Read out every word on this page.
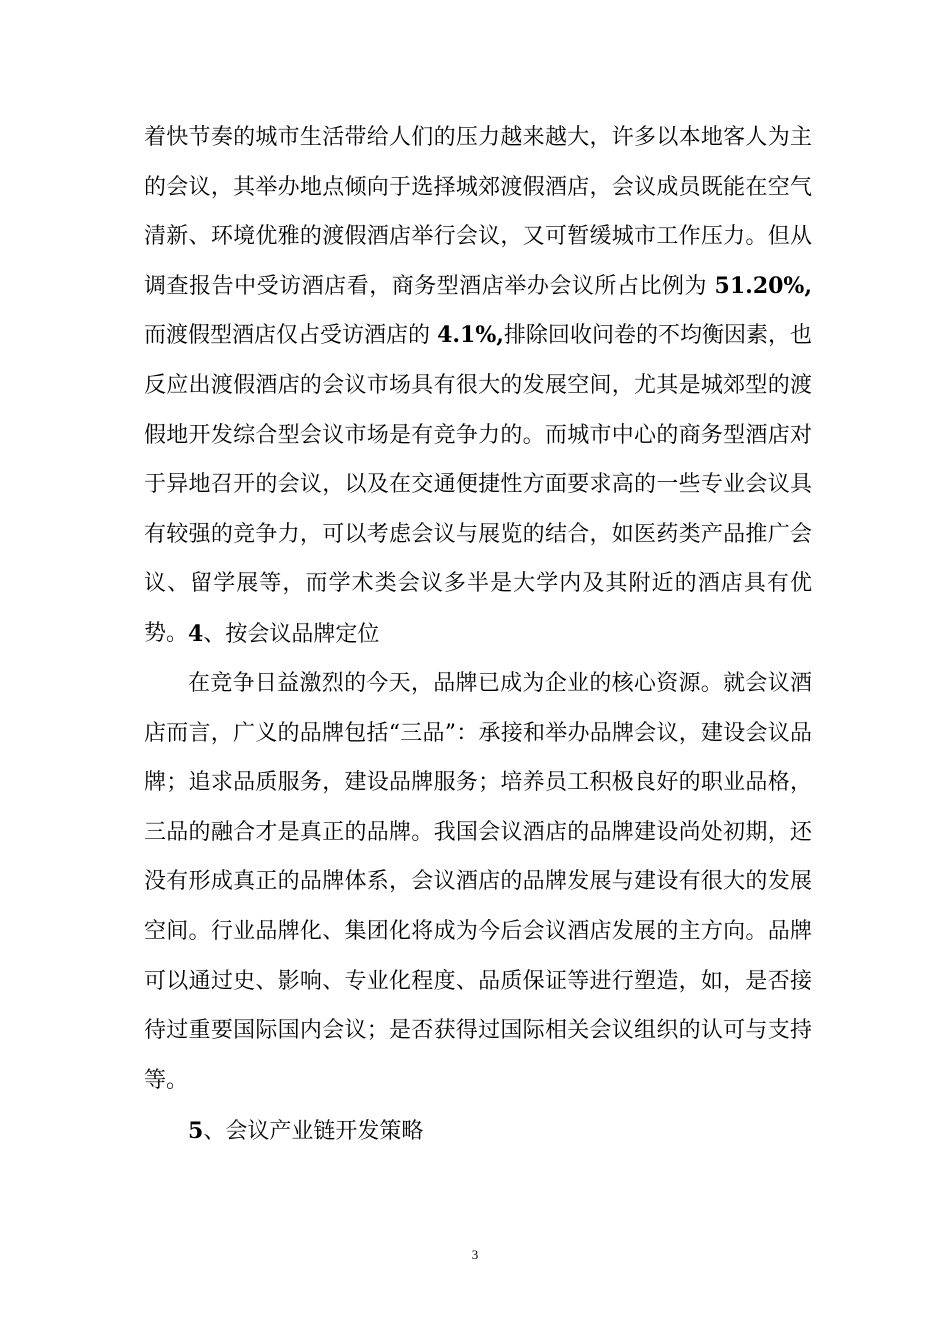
着快节奏的城市生活带给人们的压力越来越大，许多以本地客人为主的会议，其举办地点倾向于选择城郊渡假酒店，会议成员既能在空气清新、环境优雅的渡假酒店举行会议，又可暂缓城市工作压力。但从调查报告中受访酒店看，商务型酒店举办会议所占比例为 51.20%,而渡假型酒店仅占受访酒店的 4.1%,排除回收问卷的不均衡因素，也反应出渡假酒店的会议市场具有很大的发展空间，尤其是城郊型的渡假地开发综合型会议市场是有竞争力的。而城市中心的商务型酒店对于异地召开的会议，以及在交通便捷性方面要求高的一些专业会议具有较强的竞争力，可以考虑会议与展览的结合，如医药类产品推广会议、留学展等，而学术类会议多半是大学内及其附近的酒店具有优势。 4、按会议品牌定位

在竞争日益激烈的今天，品牌已成为企业的核心资源。就会议酒店而言，广义的品牌包括“三品”：承接和举办品牌会议，建设会议品牌；追求品质服务，建设品牌服务；培养员工积极良好的职业品格，三品的融合才是真正的品牌。我国会议酒店的品牌建设尚处初期，还没有形成真正的品牌体系，会议酒店的品牌发展与建设有很大的发展空间。行业品牌化、集团化将成为今后会议酒店发展的主方向。品牌可以通过史、影响、专业化程度、品质保证等进行塑造，如，是否接待过重要国际国内会议；是否获得过国际相关会议组织的认可与支持等。

5、会议产业链开发策略
3
